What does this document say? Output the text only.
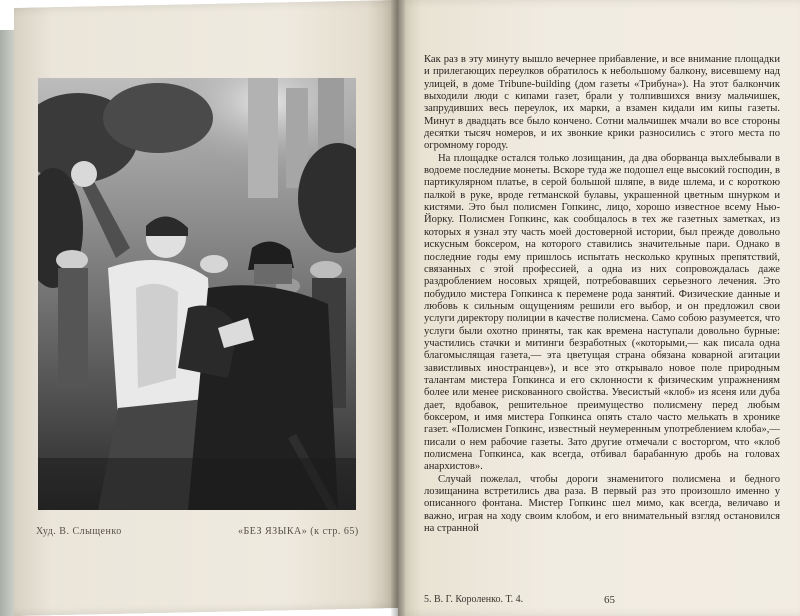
Худ. В. Слыщенко	«БЕЗ ЯЗЫКА» (к стр. 65)

Как раз в эту минуту вышло вечернее прибавление, и все внимание площадки и прилегающих переулков обратилось к небольшому балкону, висевшему над улицей, в доме Tribune-building (дом газеты «Трибуна»). На этот балкончик выходили люди с кипами газет, брали у толпившихся внизу мальчишек, запрудивших весь переулок, их марки, а взамен кидали им кипы газеты. Минут в двадцать все было кончено. Сотни мальчишек мчали во все стороны десятки тысяч номеров, и их звонкие крики разносились с этого места по огромному городу.

На площадке остался только лозищанин, да два оборванца выхлебывали в водоеме последние монеты. Вскоре туда же подошел еще высокий господин, в партикулярном платье, в серой большой шляпе, в виде шлема, и с короткою палкой в руке, вроде гетманской булавы, украшенной цветным шнурком и кистями. Это был полисмен Гопкинс, лицо, хорошо известное всему Нью-Йорку. Полисмен Гопкинс, как сообщалось в тех же газетных заметках, из которых я узнал эту часть моей достоверной истории, был прежде довольно искусным боксером, на которого ставились значительные пари. Однако в последние годы ему пришлось испытать несколько крупных препятствий, связанных с этой профессией, а одна из них сопровождалась даже раздроблением носовых хрящей, потребовавших серьезного лечения. Это побудило мистера Гопкинса к перемене рода занятий. Физические данные и любовь к сильным ощущениям решили его выбор, и он предложил свои услуги директору полиции в качестве полисмена. Само собою разумеется, что услуги были охотно приняты, так как времена наступали довольно бурные: участились стачки и митинги безработных («которыми,— как писала одна благомыслящая газета,— эта цветущая страна обязана коварной агитации завистливых иностранцев»), и все это открывало новое поле природным талантам мистера Гопкинса и его склонности к физическим упражнениям более или менее рискованного свойства. Увесистый «клоб» из ясеня или дуба дает, вдобавок, решительное преимущество полисмену перед любым боксером, и имя мистера Гопкинса опять стало часто мелькать в хронике газет. «Полисмен Гопкинс, известный неумеренным употреблением клоба»,— писали о нем рабочие газеты. Зато другие отмечали с восторгом, что «клоб полисмена Гопкинса, как всегда, отбивал барабанную дробь на головах анархистов».

Случай пожелал, чтобы дороги знаменитого полисмена и бедного лозищанина встретились два раза. В первый раз это произошло именно у описанного фонтана. Мистер Гопкинс шел мимо, как всегда, величаво и важно, играя на ходу своим клобом, и его внимательный взгляд остановился на странной

5. В. Г. Короленко. Т. 4.	65
